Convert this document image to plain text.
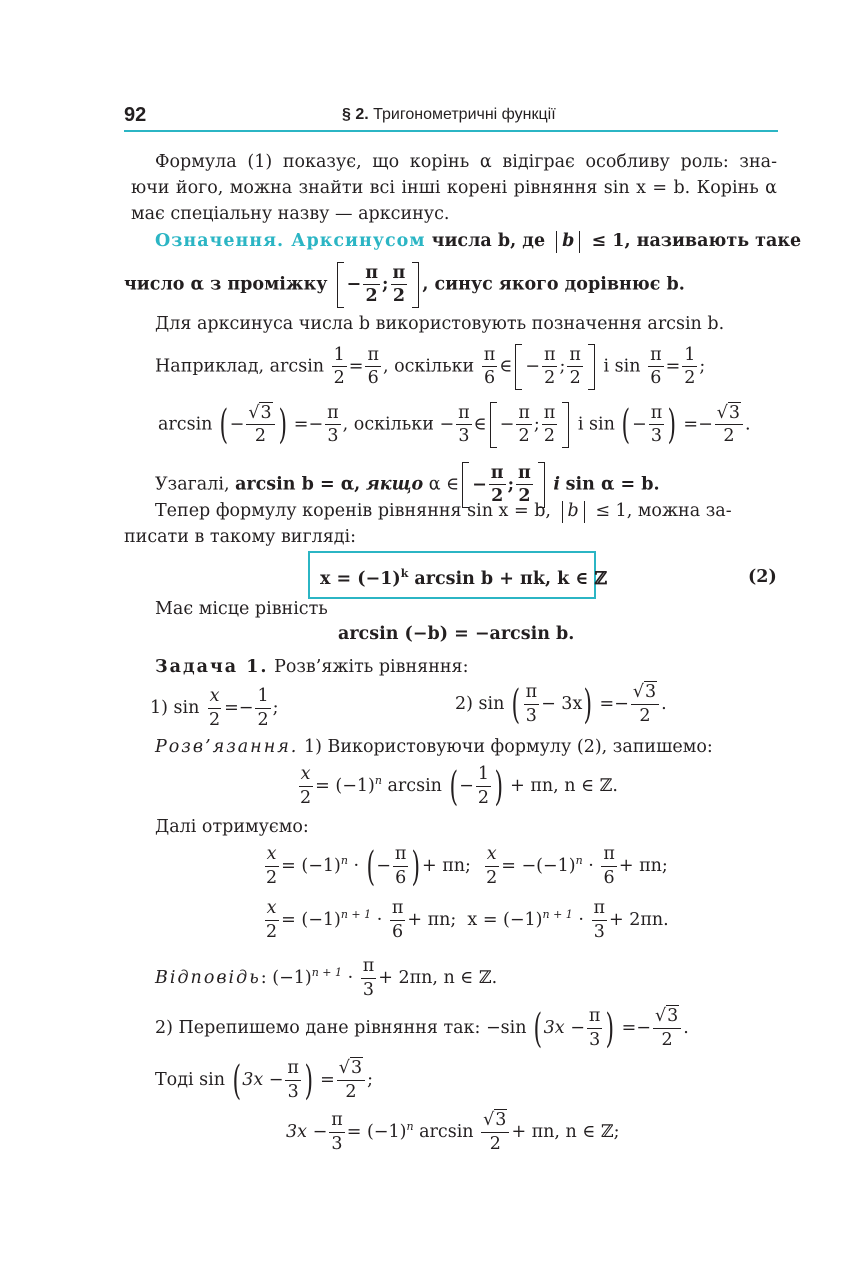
92	§ 2. Тригонометричні функції
Формула (1) показує, що корінь α відіграє особливу роль: зна-
ючи його, можна знайти всі інші корені рівняння sin x = b. Корінь α
має спеціальну назву — арксинус.
Означення. Арксинусом числа b, де b ≤ 1, називають таке
число α з проміжку − $\frac{\pi}{2}$ ; $\frac{\pi}{2}$ , синус якого дорівнює b.
Для арксинуса числа b використовують позначення arcsin b.
Наприклад, $\arcsin \frac{1}{2} = \frac{\pi}{6}$ , оскільки $\frac{\pi}{6}$ ∈ − $\frac{\pi}{2}$ ; $\frac{\pi}{2}$ і $\sin \frac{\pi}{6} = \frac{1}{2}$ ;
arcsin (− $\frac{√3}{2}$ ) =− $\frac{\pi}{3}$ , оскільки − $\frac{\pi}{3}$ ∈ − $\frac{\pi}{2}$ ; $\frac{\pi}{2}$ і sin (− $\frac{\pi}{3}$ ) =− $\frac{√3}{2}$ .
Узагалі, arcsin b = α, якщо α ∈ − $\frac{\pi}{2}$ ; $\frac{\pi}{2}$ і sin α = b.
Тепер формулу коренів рівняння sin x = b, b ≤ 1, можна за-
писати в такому вигляді:
$x = (-1)^k$ arcsin b + πk, k ∈ ℤ	(2)
Має місце рівність
arcsin (−b) = −arcsin b.
Задача 1. Розв’яжіть рівняння:
1) $\sin \frac{x}{2} =- \frac{1}{2}$ ;	2) sin ( $\frac{\pi}{3} - 3x) =- \frac{√3}{2}$ .
Розв’язання. 1) Використовуючи формулу (2), запишемо:
$\frac{x}{2} = (-1)^n$ arcsin (− $\frac{1}{2}$ ) + πn, n ∈ ℤ.
Далі отримуємо:
$\frac{x}{2} = (-1)^n$ · (− $\frac{\pi}{6}$ )+ πn; $\frac{x}{2} = -(-1)^n \cdot \frac{\pi}{6} + \pi n$;
$\frac{x}{2} = (-1)^{n + 1} \cdot \frac{\pi}{6} + \pi n$; $x = (-1)^{n + 1} \cdot \frac{\pi}{3} + 2\pi n$.
Відповідь: $(-1)^{n + 1} \cdot \frac{\pi}{3} + 2\pi n$, n ∈ ℤ.
2) Перепишемо дане рівняння так: −sin ($3x - \frac{\pi}{3}$ ) =− $\frac{√3}{2}$ .
Тоді $\sin (3x - \frac{\pi}{3}$ ) = $\frac{√3}{2}$ ;
$3x - \frac{\pi}{3} = (-1)^n$ $\arcsin \frac{√3}{2} + \pi n$, n ∈ ℤ;
